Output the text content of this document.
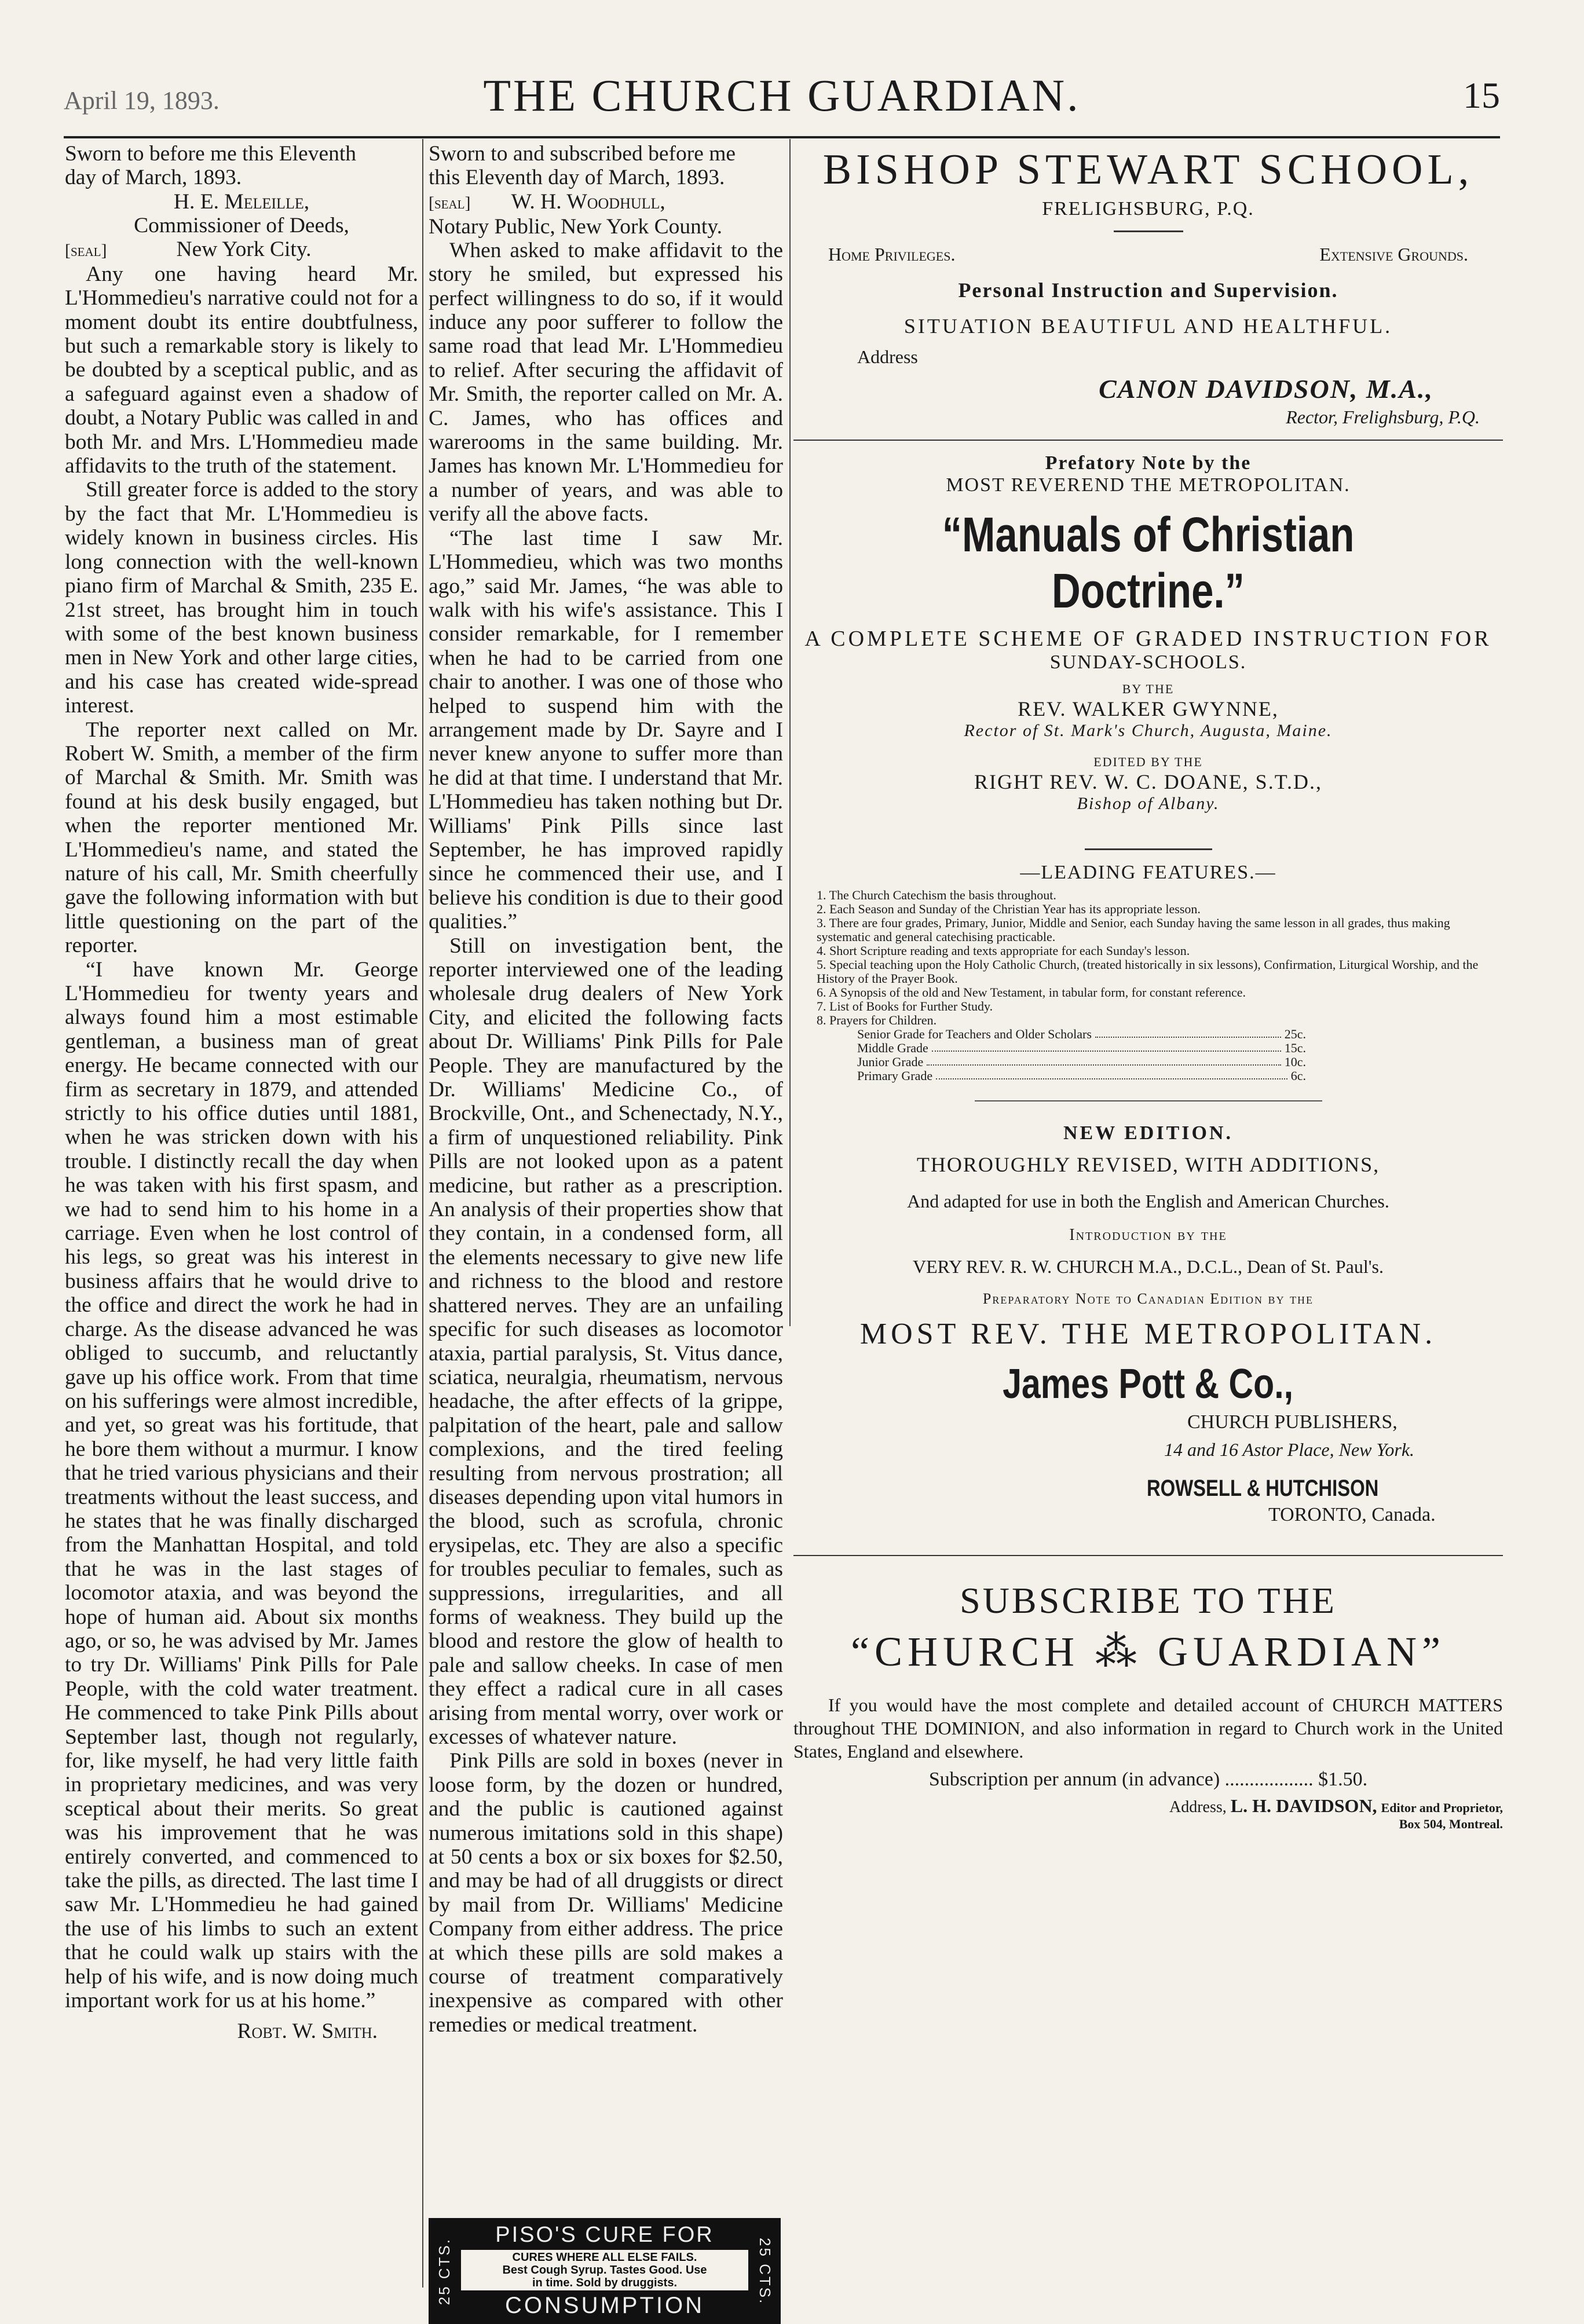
April 19, 1893.	THE CHURCH GUARDIAN.	15

Sworn to before me this Eleventh

day of March, 1893.

H. E. Meleille,
Commissioner of Deeds,
[seal]	New York City.

Any one having heard Mr. L'Hommedieu's narrative could not for a moment doubt its entire doubtfulness, but such a remarkable story is likely to be doubted by a sceptical public, and as a safeguard against even a shadow of doubt, a Notary Public was called in and both Mr. and Mrs. L'Hommedieu made affidavits to the truth of the statement.

Still greater force is added to the story by the fact that Mr. L'Hommedieu is widely known in business circles. His long connection with the well-known piano firm of Marchal & Smith, 235 E. 21st street, has brought him in touch with some of the best known business men in New York and other large cities, and his case has created wide-spread interest.

The reporter next called on Mr. Robert W. Smith, a member of the firm of Marchal & Smith. Mr. Smith was found at his desk busily engaged, but when the reporter mentioned Mr. L'Hommedieu's name, and stated the nature of his call, Mr. Smith cheerfully gave the following information with but little questioning on the part of the reporter.

“I have known Mr. George L'Hommedieu for twenty years and always found him a most estimable gentleman, a business man of great energy. He became connected with our firm as secretary in 1879, and attended strictly to his office duties until 1881, when he was stricken down with his trouble. I distinctly recall the day when he was taken with his first spasm, and we had to send him to his home in a carriage. Even when he lost control of his legs, so great was his interest in business affairs that he would drive to the office and direct the work he had in charge. As the disease advanced he was obliged to succumb, and reluctantly gave up his office work. From that time on his sufferings were almost incredible, and yet, so great was his fortitude, that he bore them without a murmur. I know that he tried various physicians and their treatments without the least success, and he states that he was finally discharged from the Manhattan Hospital, and told that he was in the last stages of locomotor ataxia, and was beyond the hope of human aid. About six months ago, or so, he was advised by Mr. James to try Dr. Williams' Pink Pills for Pale People, with the cold water treatment. He commenced to take Pink Pills about September last, though not regularly, for, like myself, he had very little faith in proprietary medicines, and was very sceptical about their merits. So great was his improvement that he was entirely converted, and commenced to take the pills, as directed. The last time I saw Mr. L'Hommedieu he had gained the use of his limbs to such an extent that he could walk up stairs with the help of his wife, and is now doing much important work for us at his home.”

Robt. W. Smith.

Sworn to and subscribed before me

this Eleventh day of March, 1893.

[seal] W. H. Woodhull,
Notary Public, New York County.

When asked to make affidavit to the story he smiled, but expressed his perfect willingness to do so, if it would induce any poor sufferer to follow the same road that lead Mr. L'Hommedieu to relief. After securing the affidavit of Mr. Smith, the reporter called on Mr. A. C. James, who has offices and warerooms in the same building. Mr. James has known Mr. L'Hommedieu for a number of years, and was able to verify all the above facts.

“The last time I saw Mr. L'Hommedieu, which was two months ago,” said Mr. James, “he was able to walk with his wife's assistance. This I consider remarkable, for I remember when he had to be carried from one chair to another. I was one of those who helped to suspend him with the arrangement made by Dr. Sayre and I never knew anyone to suffer more than he did at that time. I understand that Mr. L'Hommedieu has taken nothing but Dr. Williams' Pink Pills since last September, he has improved rapidly since he commenced their use, and I believe his condition is due to their good qualities.”

Still on investigation bent, the reporter interviewed one of the leading wholesale drug dealers of New York City, and elicited the following facts about Dr. Williams' Pink Pills for Pale People. They are manufactured by the Dr. Williams' Medicine Co., of Brockville, Ont., and Schenectady, N.Y., a firm of unquestioned reliability. Pink Pills are not looked upon as a patent medicine, but rather as a prescription. An analysis of their properties show that they contain, in a condensed form, all the elements necessary to give new life and richness to the blood and restore shattered nerves. They are an unfailing specific for such diseases as locomotor ataxia, partial paralysis, St. Vitus dance, sciatica, neuralgia, rheumatism, nervous headache, the after effects of la grippe, palpitation of the heart, pale and sallow complexions, and the tired feeling resulting from nervous prostration; all diseases depending upon vital humors in the blood, such as scrofula, chronic erysipelas, etc. They are also a specific for troubles peculiar to females, such as suppressions, irregularities, and all forms of weakness. They build up the blood and restore the glow of health to pale and sallow cheeks. In case of men they effect a radical cure in all cases arising from mental worry, over work or excesses of whatever nature.

Pink Pills are sold in boxes (never in loose form, by the dozen or hundred, and the public is cautioned against numerous imitations sold in this shape) at 50 cents a box or six boxes for $2.50, and may be had of all druggists or direct by mail from Dr. Williams' Medicine Company from either address. The price at which these pills are sold makes a course of treatment comparatively inexpensive as compared with other remedies or medical treatment.

25 CTS.	25 CTS.
PISO'S CURE FOR
CURES WHERE ALL ELSE FAILS.
Best Cough Syrup. Tastes Good. Use
in time. Sold by druggists.
CONSUMPTION
BISHOP STEWART SCHOOL,
FRELIGHSBURG, P.Q.
Home Privileges.	Extensive Grounds.
Personal Instruction and Supervision.
SITUATION BEAUTIFUL AND HEALTHFUL.
Address
CANON DAVIDSON, M.A.,
Rector, Frelighsburg, P.Q.
Prefatory Note by the
MOST REVEREND THE METROPOLITAN.
“Manuals of Christian Doctrine.”
A COMPLETE SCHEME OF GRADED INSTRUCTION FOR
SUNDAY-SCHOOLS.
BY THE
REV. WALKER GWYNNE,
Rector of St. Mark's Church, Augusta, Maine.
EDITED BY THE
RIGHT REV. W. C. DOANE, S.T.D.,
Bishop of Albany.
—LEADING FEATURES.—
1. The Church Catechism the basis throughout.
2. Each Season and Sunday of the Christian Year has its appropriate lesson.
3. There are four grades, Primary, Junior, Middle and Senior, each Sunday having the same lesson in all grades, thus making systematic and general catechising practicable.
4. Short Scripture reading and texts appropriate for each Sunday's lesson.
5. Special teaching upon the Holy Catholic Church, (treated historically in six lessons), Confirmation, Liturgical Worship, and the History of the Prayer Book.
6. A Synopsis of the old and New Testament, in tabular form, for constant reference.
7. List of Books for Further Study.
8. Prayers for Children.
Senior Grade for Teachers and Older Scholars	25c.
Middle Grade	15c.
Junior Grade	10c.
Primary Grade	6c.
NEW EDITION.
THOROUGHLY REVISED, WITH ADDITIONS,
And adapted for use in both the English and American Churches.
Introduction by the
VERY REV. R. W. CHURCH M.A., D.C.L., Dean of St. Paul's.
Preparatory Note to Canadian Edition by the
MOST REV. THE METROPOLITAN.
James Pott & Co.,
CHURCH PUBLISHERS,
14 and 16 Astor Place, New York.
ROWSELL & HUTCHISON
TORONTO, Canada.
SUBSCRIBE TO THE
“CHURCH ⁂ GUARDIAN”
If you would have the most complete and detailed account of CHURCH MATTERS throughout THE DOMINION, and also information in regard to Church work in the United States, England and elsewhere.
Subscription per annum (in advance) .................. $1.50.
Address, L. H. DAVIDSON, Editor and Proprietor,
Box 504, Montreal.
